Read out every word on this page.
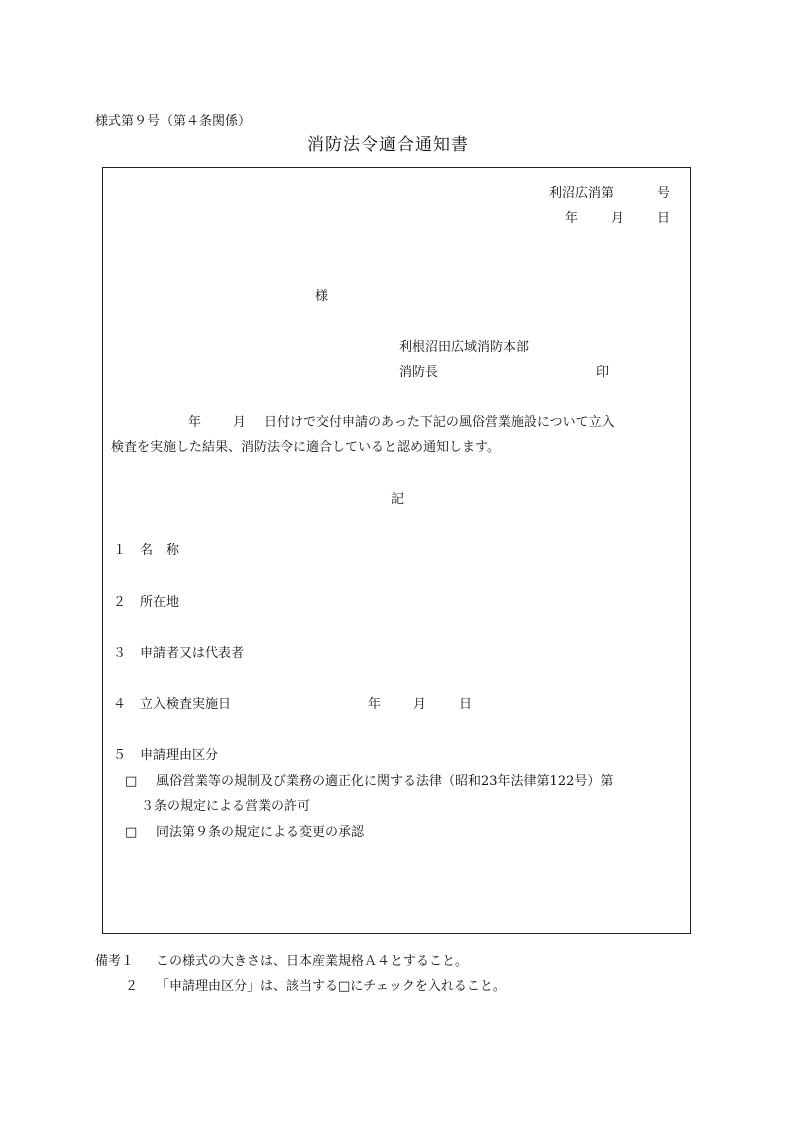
様式第９号（第４条関係）
消防法令適合通知書
利沼広消第	号
年	月	日
様
利根沼田広域消防本部
消防長	印
年 月 日付けで交付申請のあった下記の風俗営業施設について立入
検査を実施した結果、消防法令に適合していると認め通知します。
記
１ 名　称
２ 所在地
３ 申請者又は代表者
４ 立入検査実施日	年 月	日
５ 申請理由区分
□ 風俗営業等の規制及び業務の適正化に関する法律（昭和23年法律第122号）第
３条の規定による営業の許可
□ 同法第９条の規定による変更の承認
備考１ この様式の大きさは、日本産業規格Ａ４とすること。
２ 「申請理由区分」は、該当する□にチェックを入れること。
